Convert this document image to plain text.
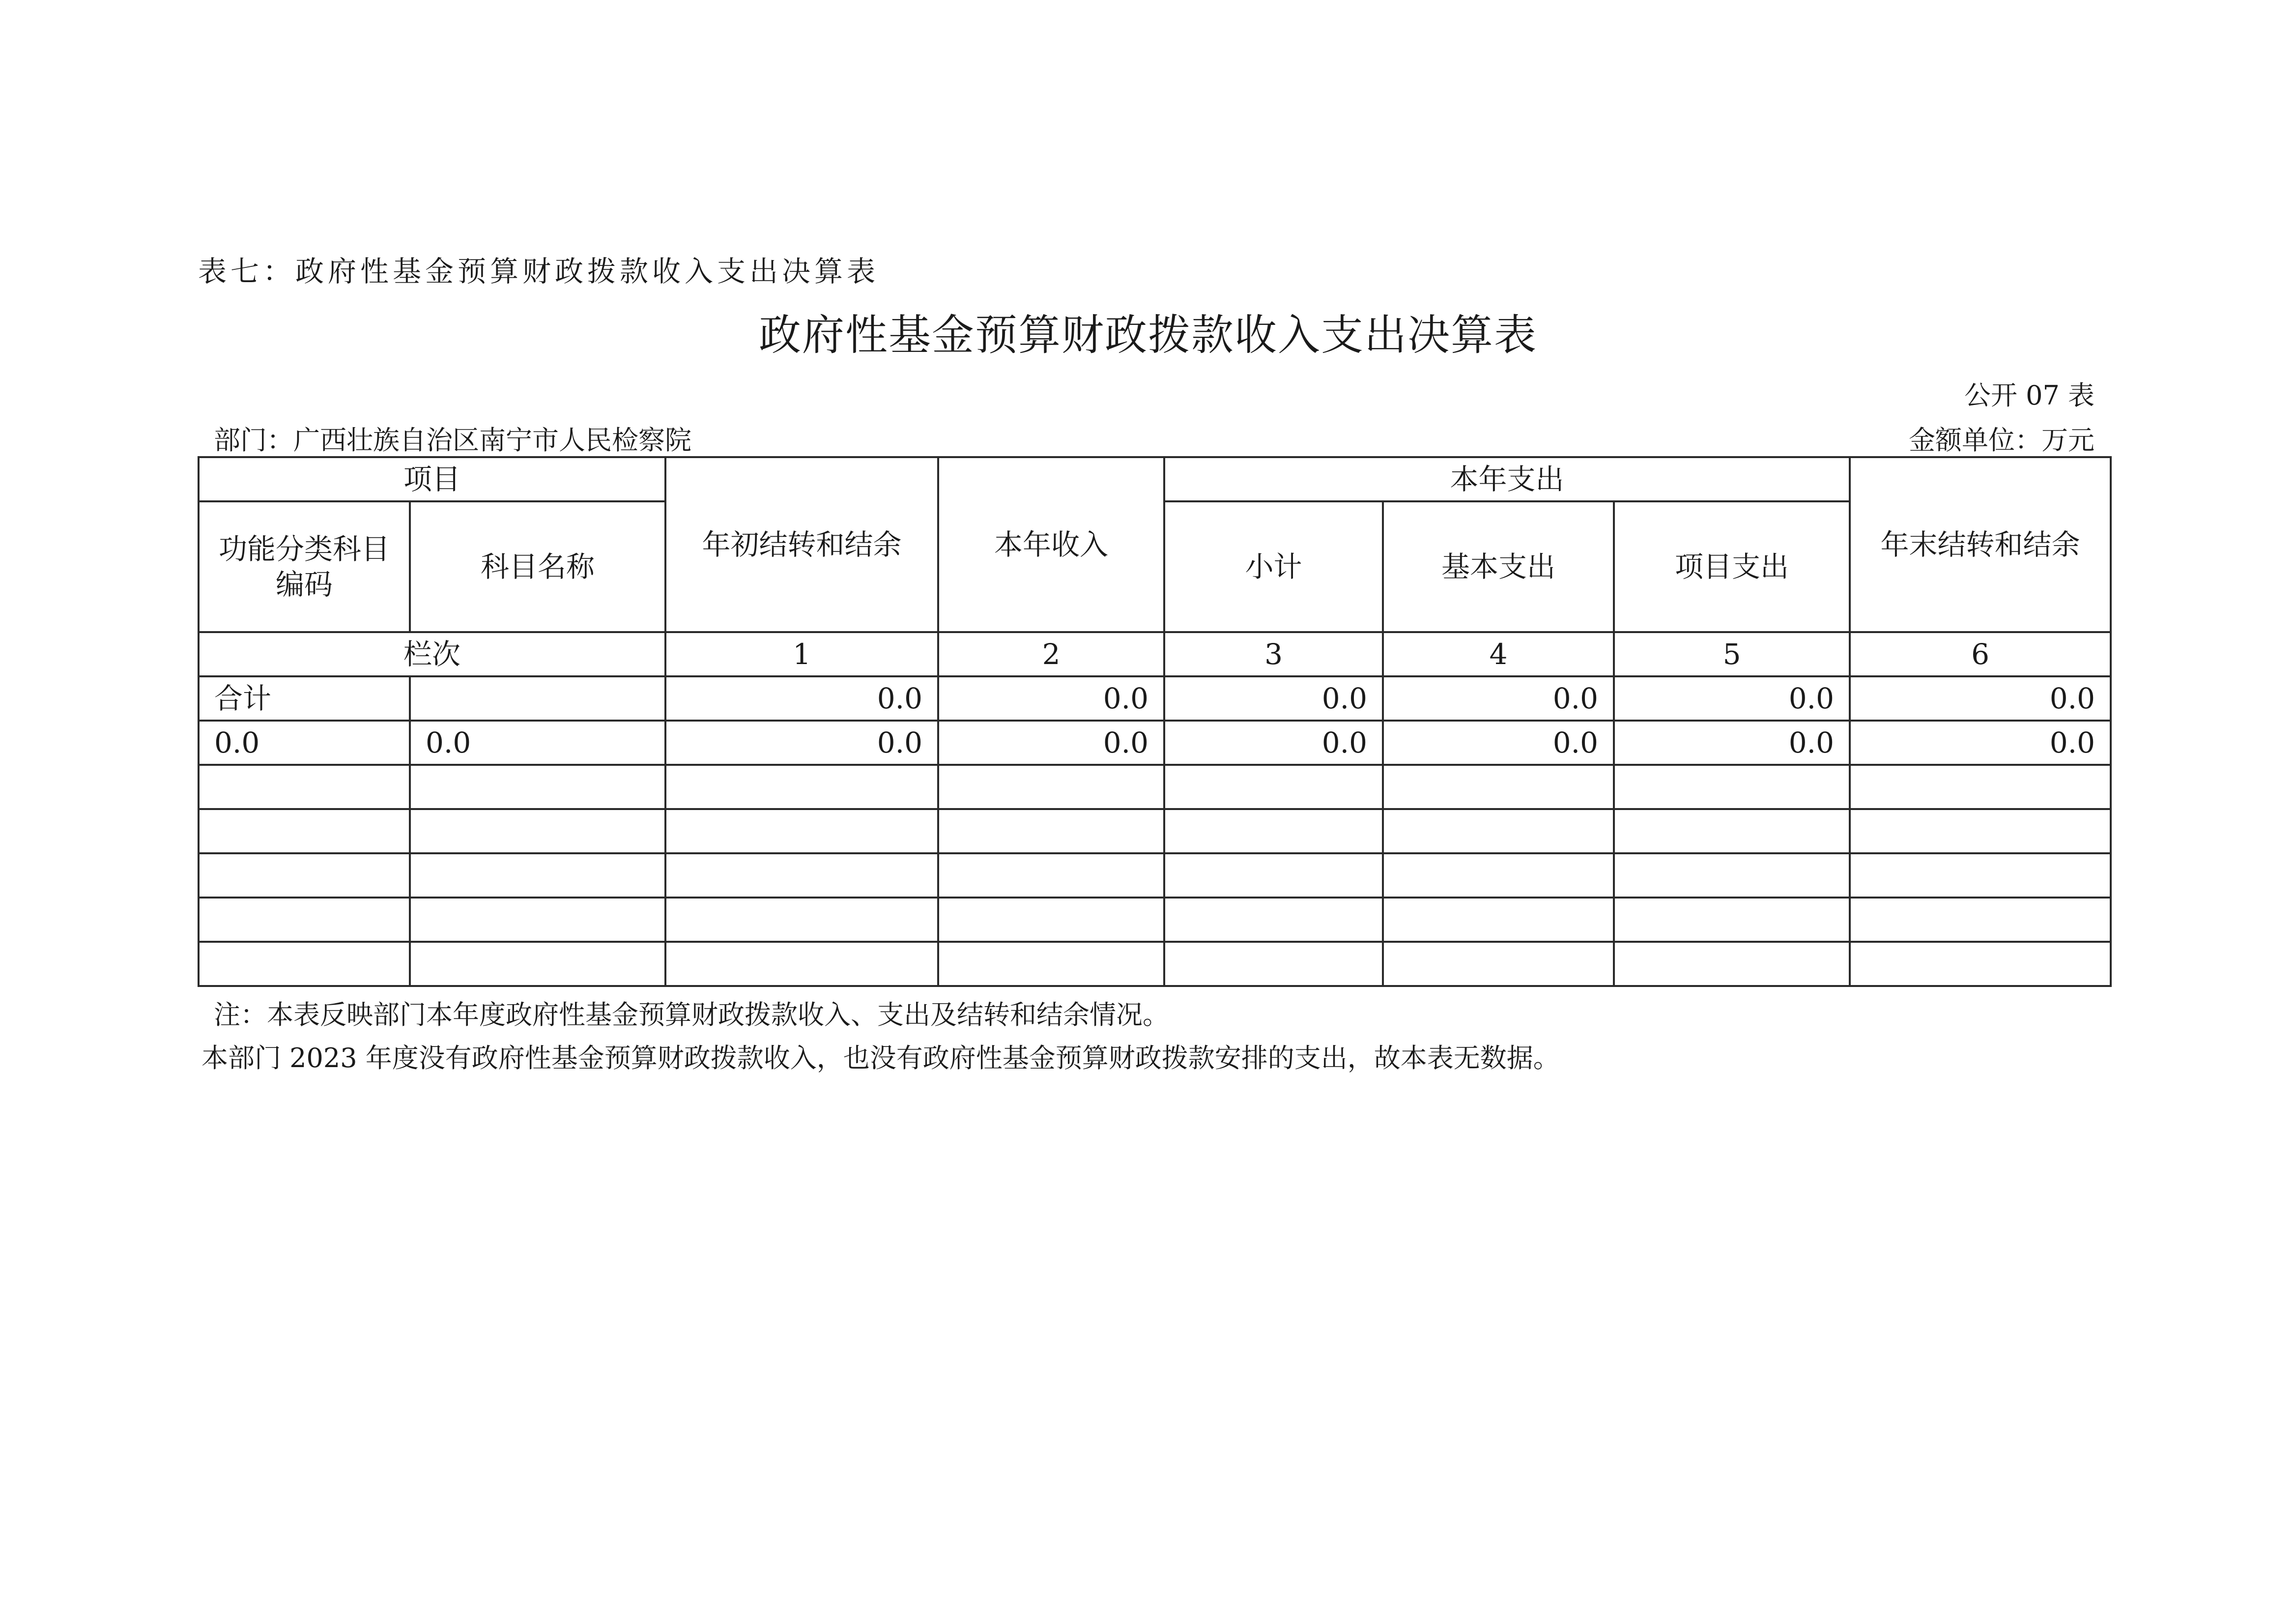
表七：政府性基金预算财政拨款收入支出决算表
政府性基金预算财政拨款收入支出决算表
公开 07 表
部门：广西壮族自治区南宁市人民检察院	金额单位：万元
项目		年初结转和结余	本年收入	本年支出			年末结转和结余
功能分类科目编码	科目名称			小计	基本支出	项目支出	
栏次		1	2	3	4	5	6
合计		0.0	0.0	0.0	0.0	0.0	0.0
0.0	0.0	0.0	0.0	0.0	0.0	0.0	0.0

注：本表反映部门本年度政府性基金预算财政拨款收入、支出及结转和结余情况。
本部门 2023 年度没有政府性基金预算财政拨款收入，也没有政府性基金预算财政拨款安排的支出，故本表无数据。
